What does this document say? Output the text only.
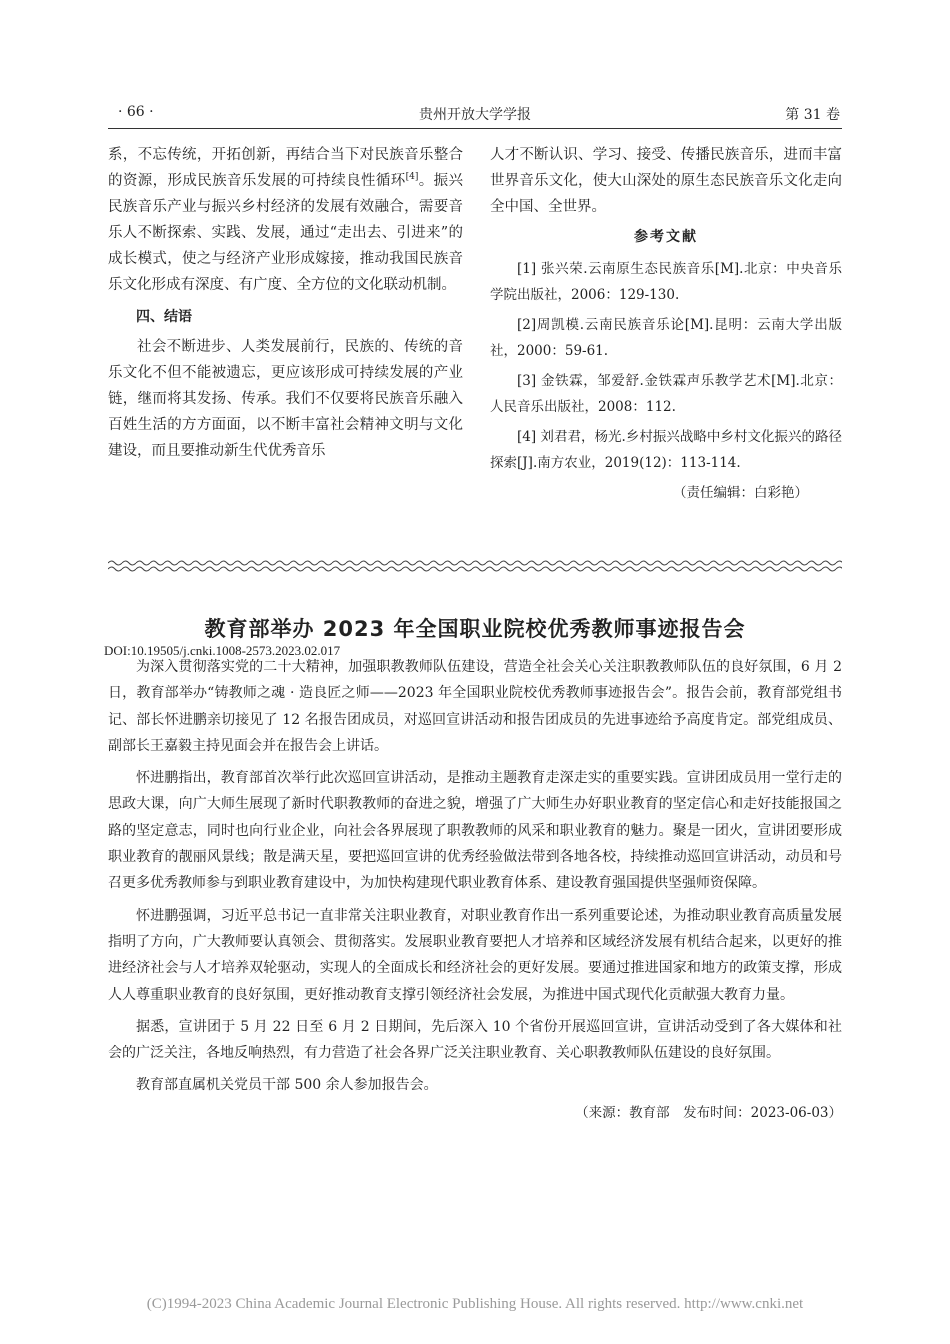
· 66 ·	贵州开放大学学报	第 31 卷

系，不忘传统，开拓创新，再结合当下对民族音乐整合的资源，形成民族音乐发展的可持续良性循环[4]。振兴民族音乐产业与振兴乡村经济的发展有效融合，需要音乐人不断探索、实践、发展，通过“走出去、引进来”的成长模式，使之与经济产业形成嫁接，推动我国民族音乐文化形成有深度、有广度、全方位的文化联动机制。

四、结语

社会不断进步、人类发展前行，民族的、传统的音乐文化不但不能被遗忘，更应该形成可持续发展的产业链，继而将其发扬、传承。我们不仅要将民族音乐融入百姓生活的方方面面，以不断丰富社会精神文明与文化建设，而且要推动新生代优秀音乐

人才不断认识、学习、接受、传播民族音乐，进而丰富世界音乐文化，使大山深处的原生态民族音乐文化走向全中国、全世界。

参考文献

[1] 张兴荣.云南原生态民族音乐[M].北京：中央音乐学院出版社，2006：129-130.

[2]周凯模.云南民族音乐论[M].昆明：云南大学出版社，2000：59-61.

[3] 金铁霖，邹爱舒.金铁霖声乐教学艺术[M].北京：人民音乐出版社，2008：112.

[4] 刘君君，杨光.乡村振兴战略中乡村文化振兴的路径探索[J].南方农业，2019(12)：113-114.

（责任编辑：白彩艳）

教育部举办 2023 年全国职业院校优秀教师事迹报告会
DOI:10.19505/j.cnki.1008-2573.2023.02.017

为深入贯彻落实党的二十大精神，加强职教教师队伍建设，营造全社会关心关注职教教师队伍的良好氛围，6 月 2 日，教育部举办“铸教师之魂 · 造良匠之师——2023 年全国职业院校优秀教师事迹报告会”。报告会前，教育部党组书记、部长怀进鹏亲切接见了 12 名报告团成员，对巡回宣讲活动和报告团成员的先进事迹给予高度肯定。部党组成员、副部长王嘉毅主持见面会并在报告会上讲话。

怀进鹏指出，教育部首次举行此次巡回宣讲活动，是推动主题教育走深走实的重要实践。宣讲团成员用一堂行走的思政大课，向广大师生展现了新时代职教教师的奋进之貌，增强了广大师生办好职业教育的坚定信心和走好技能报国之路的坚定意志，同时也向行业企业，向社会各界展现了职教教师的风采和职业教育的魅力。聚是一团火，宣讲团要形成职业教育的靓丽风景线；散是满天星，要把巡回宣讲的优秀经验做法带到各地各校，持续推动巡回宣讲活动，动员和号召更多优秀教师参与到职业教育建设中，为加快构建现代职业教育体系、建设教育强国提供坚强师资保障。

怀进鹏强调，习近平总书记一直非常关注职业教育，对职业教育作出一系列重要论述，为推动职业教育高质量发展指明了方向，广大教师要认真领会、贯彻落实。发展职业教育要把人才培养和区域经济发展有机结合起来，以更好的推进经济社会与人才培养双轮驱动，实现人的全面成长和经济社会的更好发展。要通过推进国家和地方的政策支撑，形成人人尊重职业教育的良好氛围，更好推动教育支撑引领经济社会发展，为推进中国式现代化贡献强大教育力量。

据悉，宣讲团于 5 月 22 日至 6 月 2 日期间，先后深入 10 个省份开展巡回宣讲，宣讲活动受到了各大媒体和社会的广泛关注，各地反响热烈，有力营造了社会各界广泛关注职业教育、关心职教教师队伍建设的良好氛围。

教育部直属机关党员干部 500 余人参加报告会。

（来源：教育部　发布时间：2023-06-03）
(C)1994-2023 China Academic Journal Electronic Publishing House. All rights reserved. http://www.cnki.net
